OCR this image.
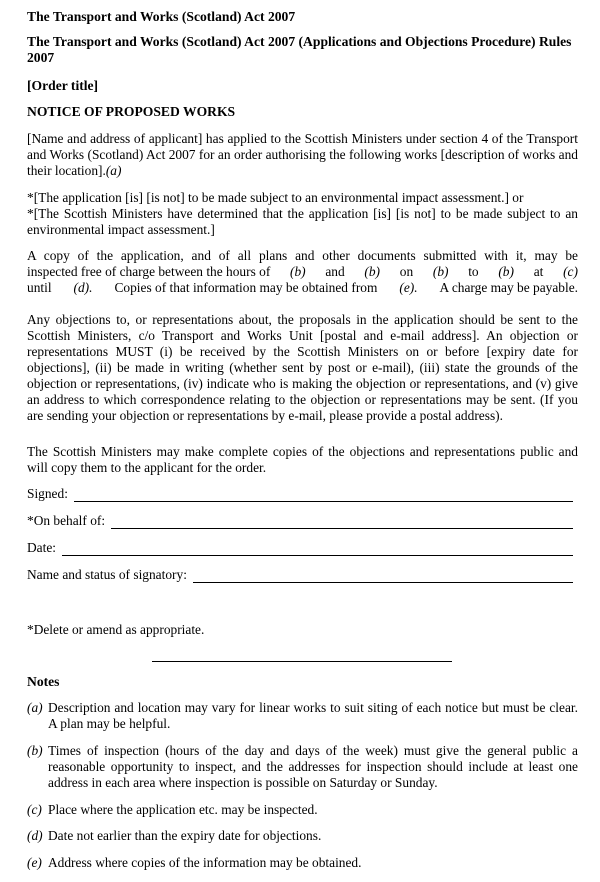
The Transport and Works (Scotland) Act 2007
The Transport and Works (Scotland) Act 2007 (Applications and Objections Procedure) Rules 2007
[Order title]
NOTICE OF PROPOSED WORKS
[Name and address of applicant] has applied to the Scottish Ministers under section 4 of the Transport and Works (Scotland) Act 2007 for an order authorising the following works [description of works and their location].(a)
*[The application [is] [is not] to be made subject to an environmental impact assessment.] or
*[The Scottish Ministers have determined that the application [is] [is not] to be made subject to an environmental impact assessment.]
A copy of the application, and of all plans and other documents submitted with it, may be
inspected free of charge between the hours of (b) and (b) on (b) to (b) at (c)
until (d). Copies of that information may be obtained from (e). A charge may be payable.
Any objections to, or representations about, the proposals in the application should be sent to the Scottish Ministers, c/o Transport and Works Unit [postal and e-mail address]. An objection or representations MUST (i) be received by the Scottish Ministers on or before [expiry date for objections], (ii) be made in writing (whether sent by post or e-mail), (iii) state the grounds of the objection or representations, (iv) indicate who is making the objection or representations, and (v) give an address to which correspondence relating to the objection or representations may be sent. (If you are sending your objection or representations by e-mail, please provide a postal address).
The Scottish Ministers may make complete copies of the objections and representations public and will copy them to the applicant for the order.
Signed:
*On behalf of:
Date:
Name and status of signatory:
*Delete or amend as appropriate.
Notes
(a) Description and location may vary for linear works to suit siting of each notice but must be clear. A plan may be helpful.
(b) Times of inspection (hours of the day and days of the week) must give the general public a reasonable opportunity to inspect, and the addresses for inspection should include at least one address in each area where inspection is possible on Saturday or Sunday.
(c) Place where the application etc. may be inspected.
(d) Date not earlier than the expiry date for objections.
(e) Address where copies of the information may be obtained.
